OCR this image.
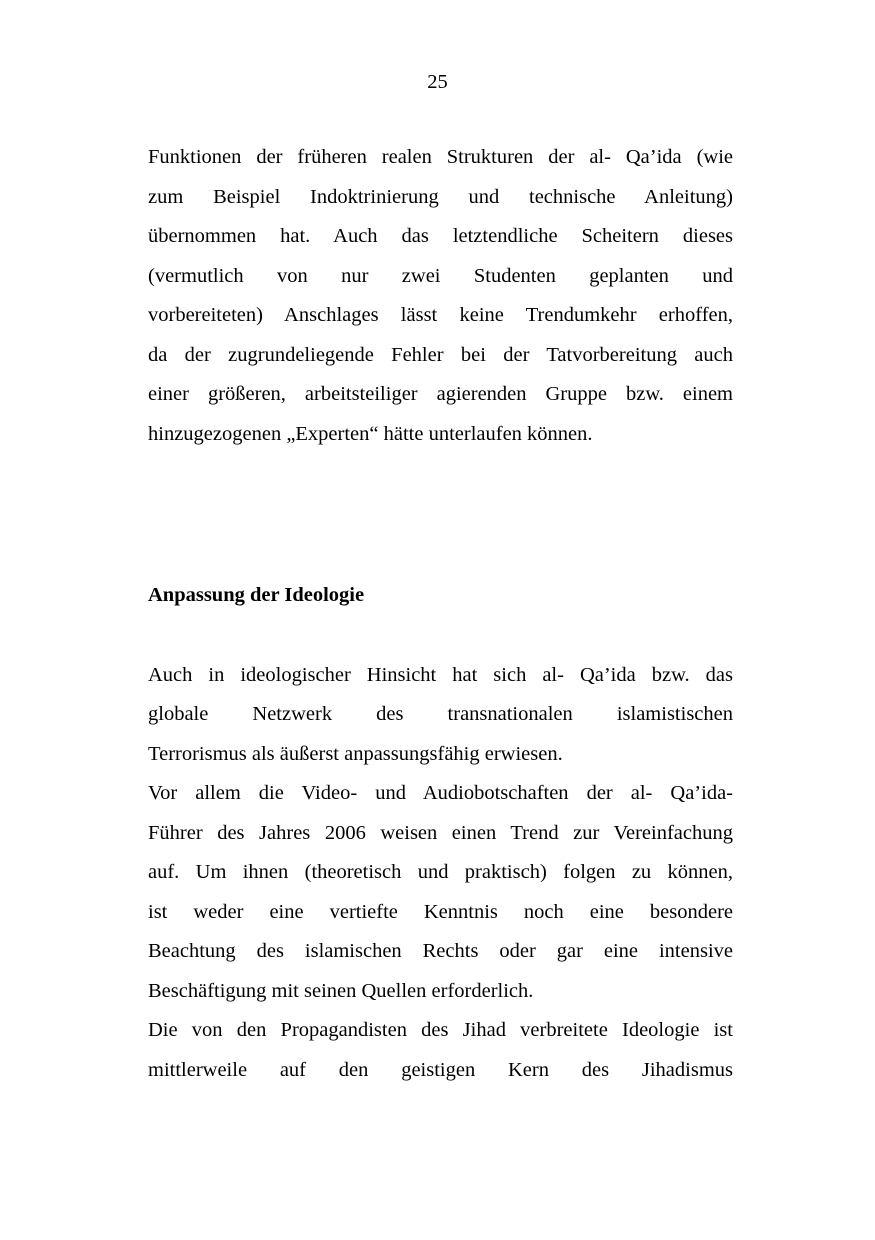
25
Funktionen der früheren realen Strukturen der al- Qa’ida (wie
zum Beispiel Indoktrinierung und technische Anleitung)
übernommen hat. Auch das letztendliche Scheitern dieses
(vermutlich von nur zwei Studenten geplanten und
vorbereiteten) Anschlages lässt keine Trendumkehr erhoffen,
da der zugrundeliegende Fehler bei der Tatvorbereitung auch
einer größeren, arbeitsteiliger agierenden Gruppe bzw. einem
hinzugezogenen „Experten“ hätte unterlaufen können.
Anpassung der Ideologie
Auch in ideologischer Hinsicht hat sich al- Qa’ida bzw. das
globale Netzwerk des transnationalen islamistischen
Terrorismus als äußerst anpassungsfähig erwiesen.
Vor allem die Video- und Audiobotschaften der al- Qa’ida-
Führer des Jahres 2006 weisen einen Trend zur Vereinfachung
auf. Um ihnen (theoretisch und praktisch) folgen zu können,
ist weder eine vertiefte Kenntnis noch eine besondere
Beachtung des islamischen Rechts oder gar eine intensive
Beschäftigung mit seinen Quellen erforderlich.
Die von den Propagandisten des Jihad verbreitete Ideologie ist
mittlerweile auf den geistigen Kern des Jihadismus
